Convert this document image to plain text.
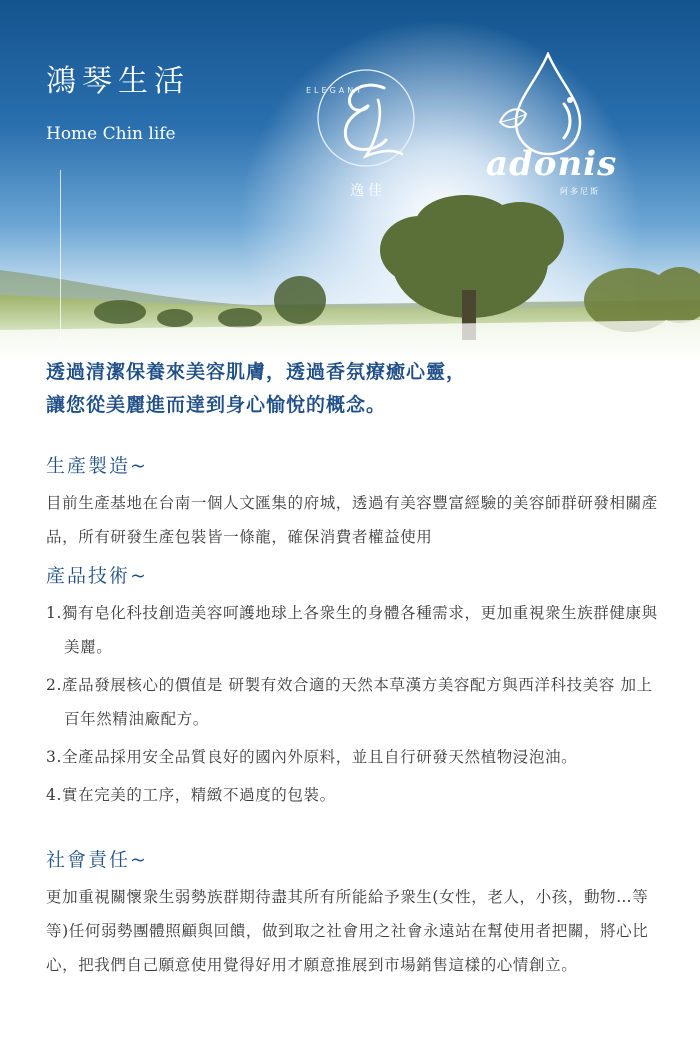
鴻琴生活

Home Chin life

ELEGANT
逸佳
adonis
阿多尼斯
透過清潔保養來美容肌膚，透過香氛療癒心靈，
讓您從美麗進而達到身心愉悅的概念。
生產製造~

目前生產基地在台南一個人文匯集的府城，透過有美容豐富經驗的美容師群研發相關產品，所有研發生產包裝皆一條龍，確保消費者權益使用

產品技術~
1.獨有皂化科技創造美容呵護地球上各衆生的身體各種需求，更加重視衆生族群健康與美麗。
2.產品發展核心的價值是 研製有效合適的天然本草漢方美容配方與西洋科技美容 加上百年然精油廠配方。
3.全產品採用安全品質良好的國內外原料，並且自行研發天然植物浸泡油。
4.實在完美的工序，精緻不過度的包裝。
社會責任~

更加重視關懷衆生弱勢族群期待盡其所有所能給予衆生(女性，老人，小孩，動物…等等)任何弱勢團體照顧與回饋，做到取之社會用之社會永遠站在幫使用者把關，將心比心，把我們自己願意使用覺得好用才願意推展到市場銷售這樣的心情創立。
